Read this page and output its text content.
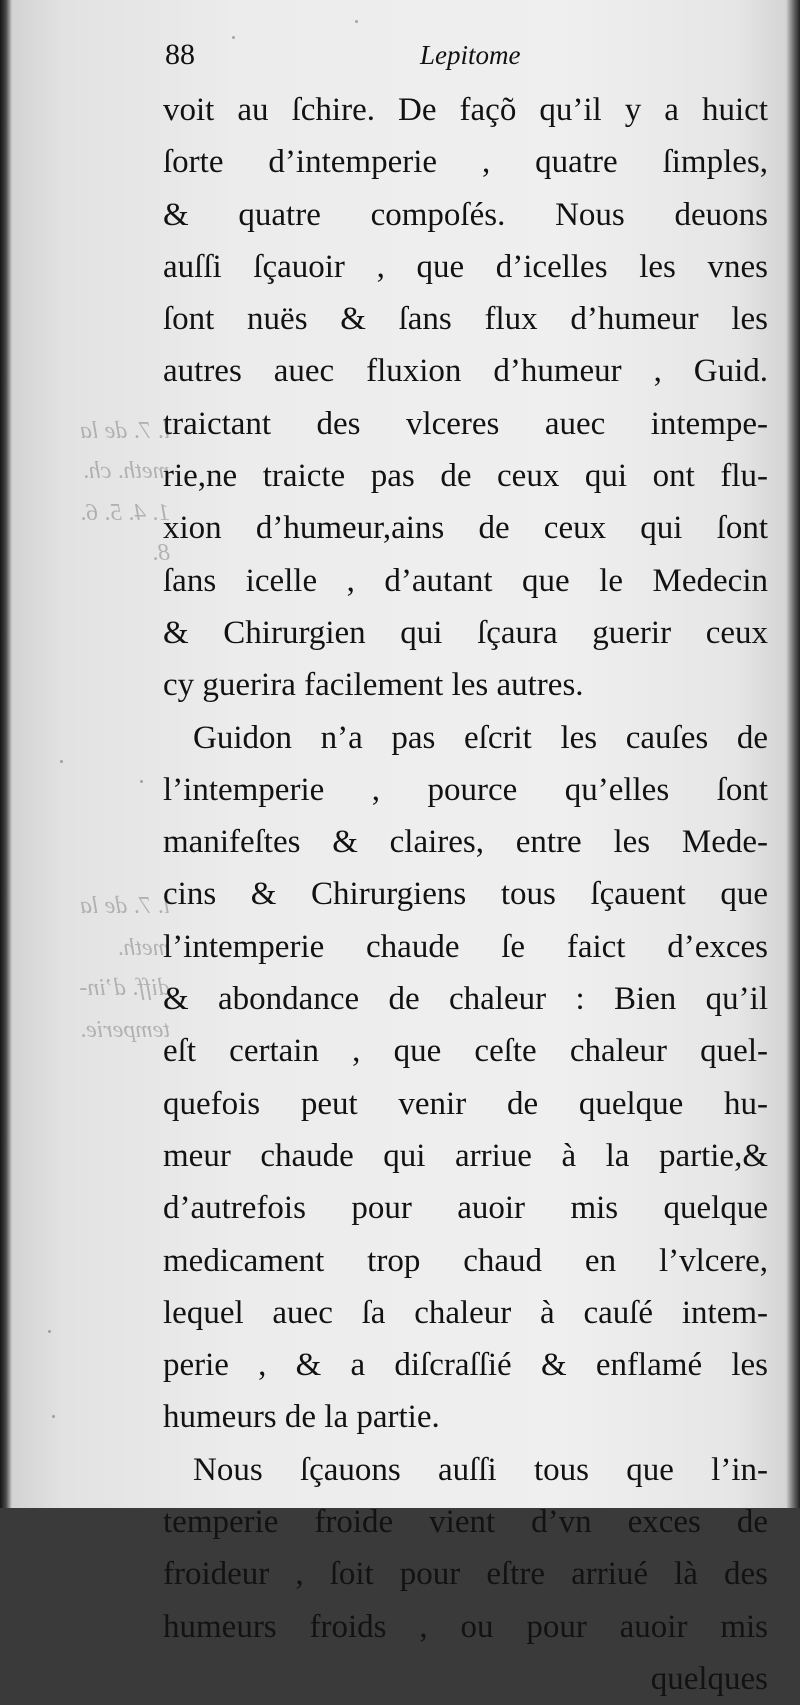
l. 7. de la
meth. ch.
1. 4. 5. 6.
8.
l. 7. de la
meth.
diff. d’in-
temperie.
88	Lepitome
voit au ſchire. De façõ qu’il y a huict
ſorte d’intemperie , quatre ſimples,
& quatre compoſés. Nous deuons
auſſi ſçauoir , que d’icelles les vnes
ſont nuës & ſans flux d’humeur les
autres auec fluxion d’humeur , Guid.
traictant des vlceres auec intempe-
rie,ne traicte pas de ceux qui ont flu-
xion d’humeur,ains de ceux qui ſont
ſans icelle , d’autant que le Medecin
& Chirurgien qui ſçaura guerir ceux
cy guerira facilement les autres.
Guidon n’a pas eſcrit les cauſes de
l’intemperie , pource qu’elles ſont
manifeſtes & claires, entre les Mede-
cins & Chirurgiens tous ſçauent que
l’intemperie chaude ſe faict d’exces
& abondance de chaleur : Bien qu’il
eſt certain , que ceſte chaleur quel-
quefois peut venir de quelque hu-
meur chaude qui arriue à la partie,&
d’autrefois pour auoir mis quelque
medicament trop chaud en l’vlcere,
lequel auec ſa chaleur à cauſé intem-
perie , & a diſcraſſié & enflamé les
humeurs de la partie.
Nous ſçauons auſſi tous que l’in-
temperie froide vient d’vn exces de
froideur , ſoit pour eſtre arriué là des
humeurs froids , ou pour auoir mis
quelques
